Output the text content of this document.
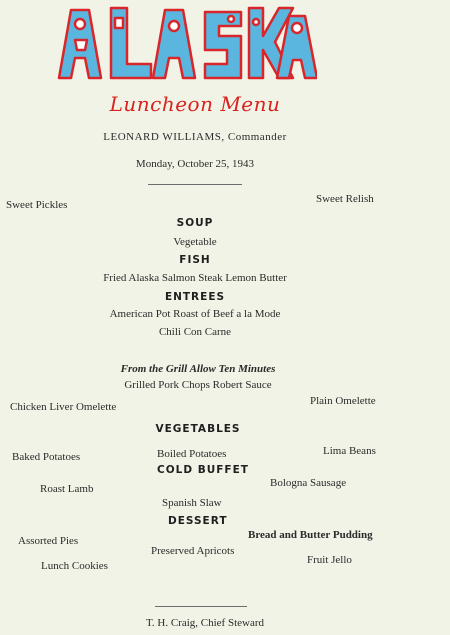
Luncheon Menu
LEONARD WILLIAMS, Commander
Monday, October 25, 1943
Sweet Pickles	Sweet Relish
SOUP
Vegetable
FISH
Fried Alaska Salmon Steak Lemon Butter
ENTREES
American Pot Roast of Beef a la Mode
Chili Con Carne
From the Grill Allow Ten Minutes
Grilled Pork Chops Robert Sauce
Chicken Liver Omelette	Plain Omelette
VEGETABLES
Baked Potatoes	Boiled Potatoes	Lima Beans
COLD BUFFET
Roast Lamb
Spanish Slaw
Bologna Sausage
DESSERT
Assorted Pies
Lunch Cookies
Preserved Apricots
Bread and Butter Pudding
Fruit Jello
T. H. Craig, Chief Steward
